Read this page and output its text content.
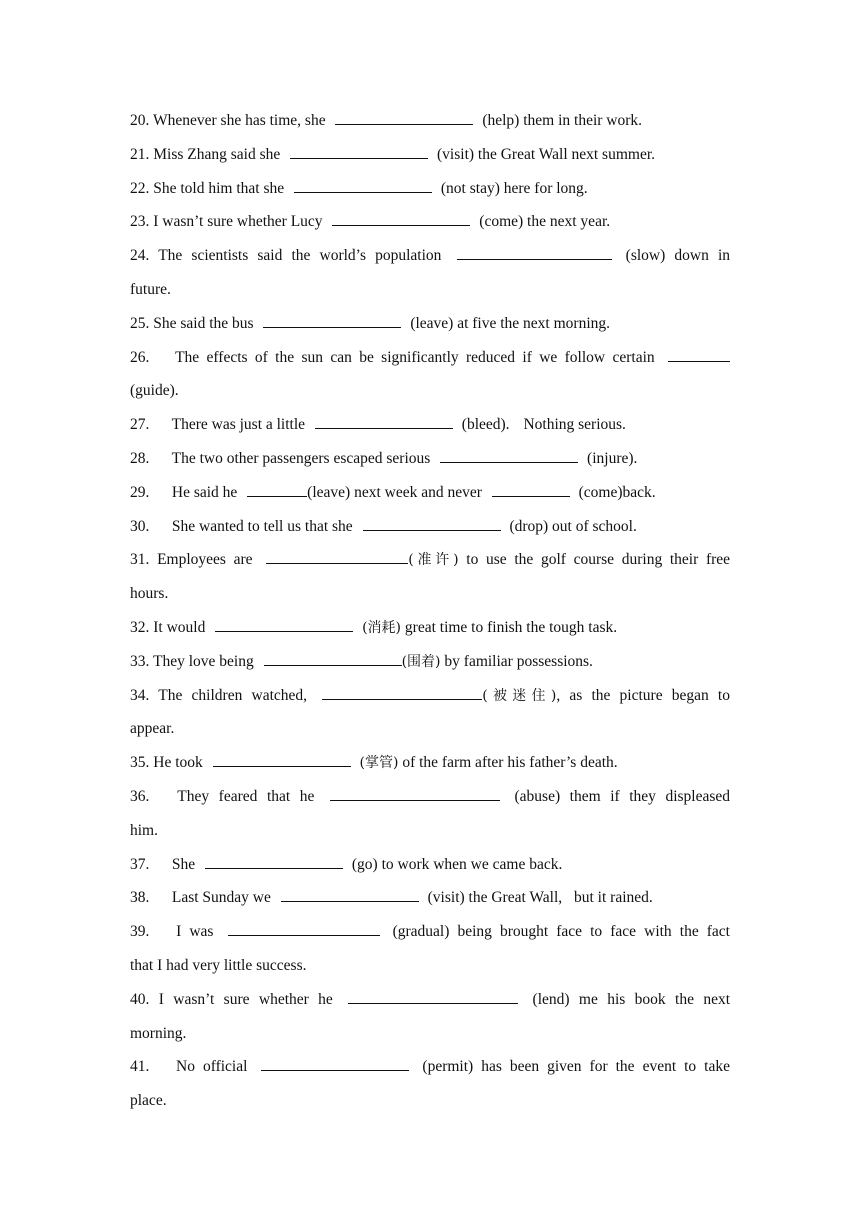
20. Whenever she has time, she	(help) them in their work.
21. Miss Zhang said she	(visit) the Great Wall next summer.
22. She told him that she	(not stay) here for long.
23. I wasn’t sure whether Lucy	(come) the next year.
24. The scientists said the world’s population	(slow) down in
future.
25. She said the bus	(leave) at five the next morning.
26. The effects of the sun can be significantly reduced if we follow certain
(guide).
27. There was just a little	(bleed). Nothing serious.
28. The two other passengers escaped serious	(injure).
29. He said he	(leave) next week and never	(come)back.
30. She wanted to tell us that she	(drop) out of school.
31. Employees are	(准许) to use the golf course during their free
hours.
32. It would	(消耗) great time to finish the tough task.
33. They love being	(围着) by familiar possessions.
34. The children watched,	(被迷住), as the picture began to
appear.
35. He took	(掌管) of the farm after his father’s death.
36. They feared that he	(abuse) them if they displeased
him.
37. She	(go) to work when we came back.
38. Last Sunday we	(visit) the Great Wall, but it rained.
39. I was	(gradual) being brought face to face with the fact
that I had very little success.
40. I wasn’t sure whether he	(lend) me his book the next
morning.
41. No official	(permit) has been given for the event to take
place.
